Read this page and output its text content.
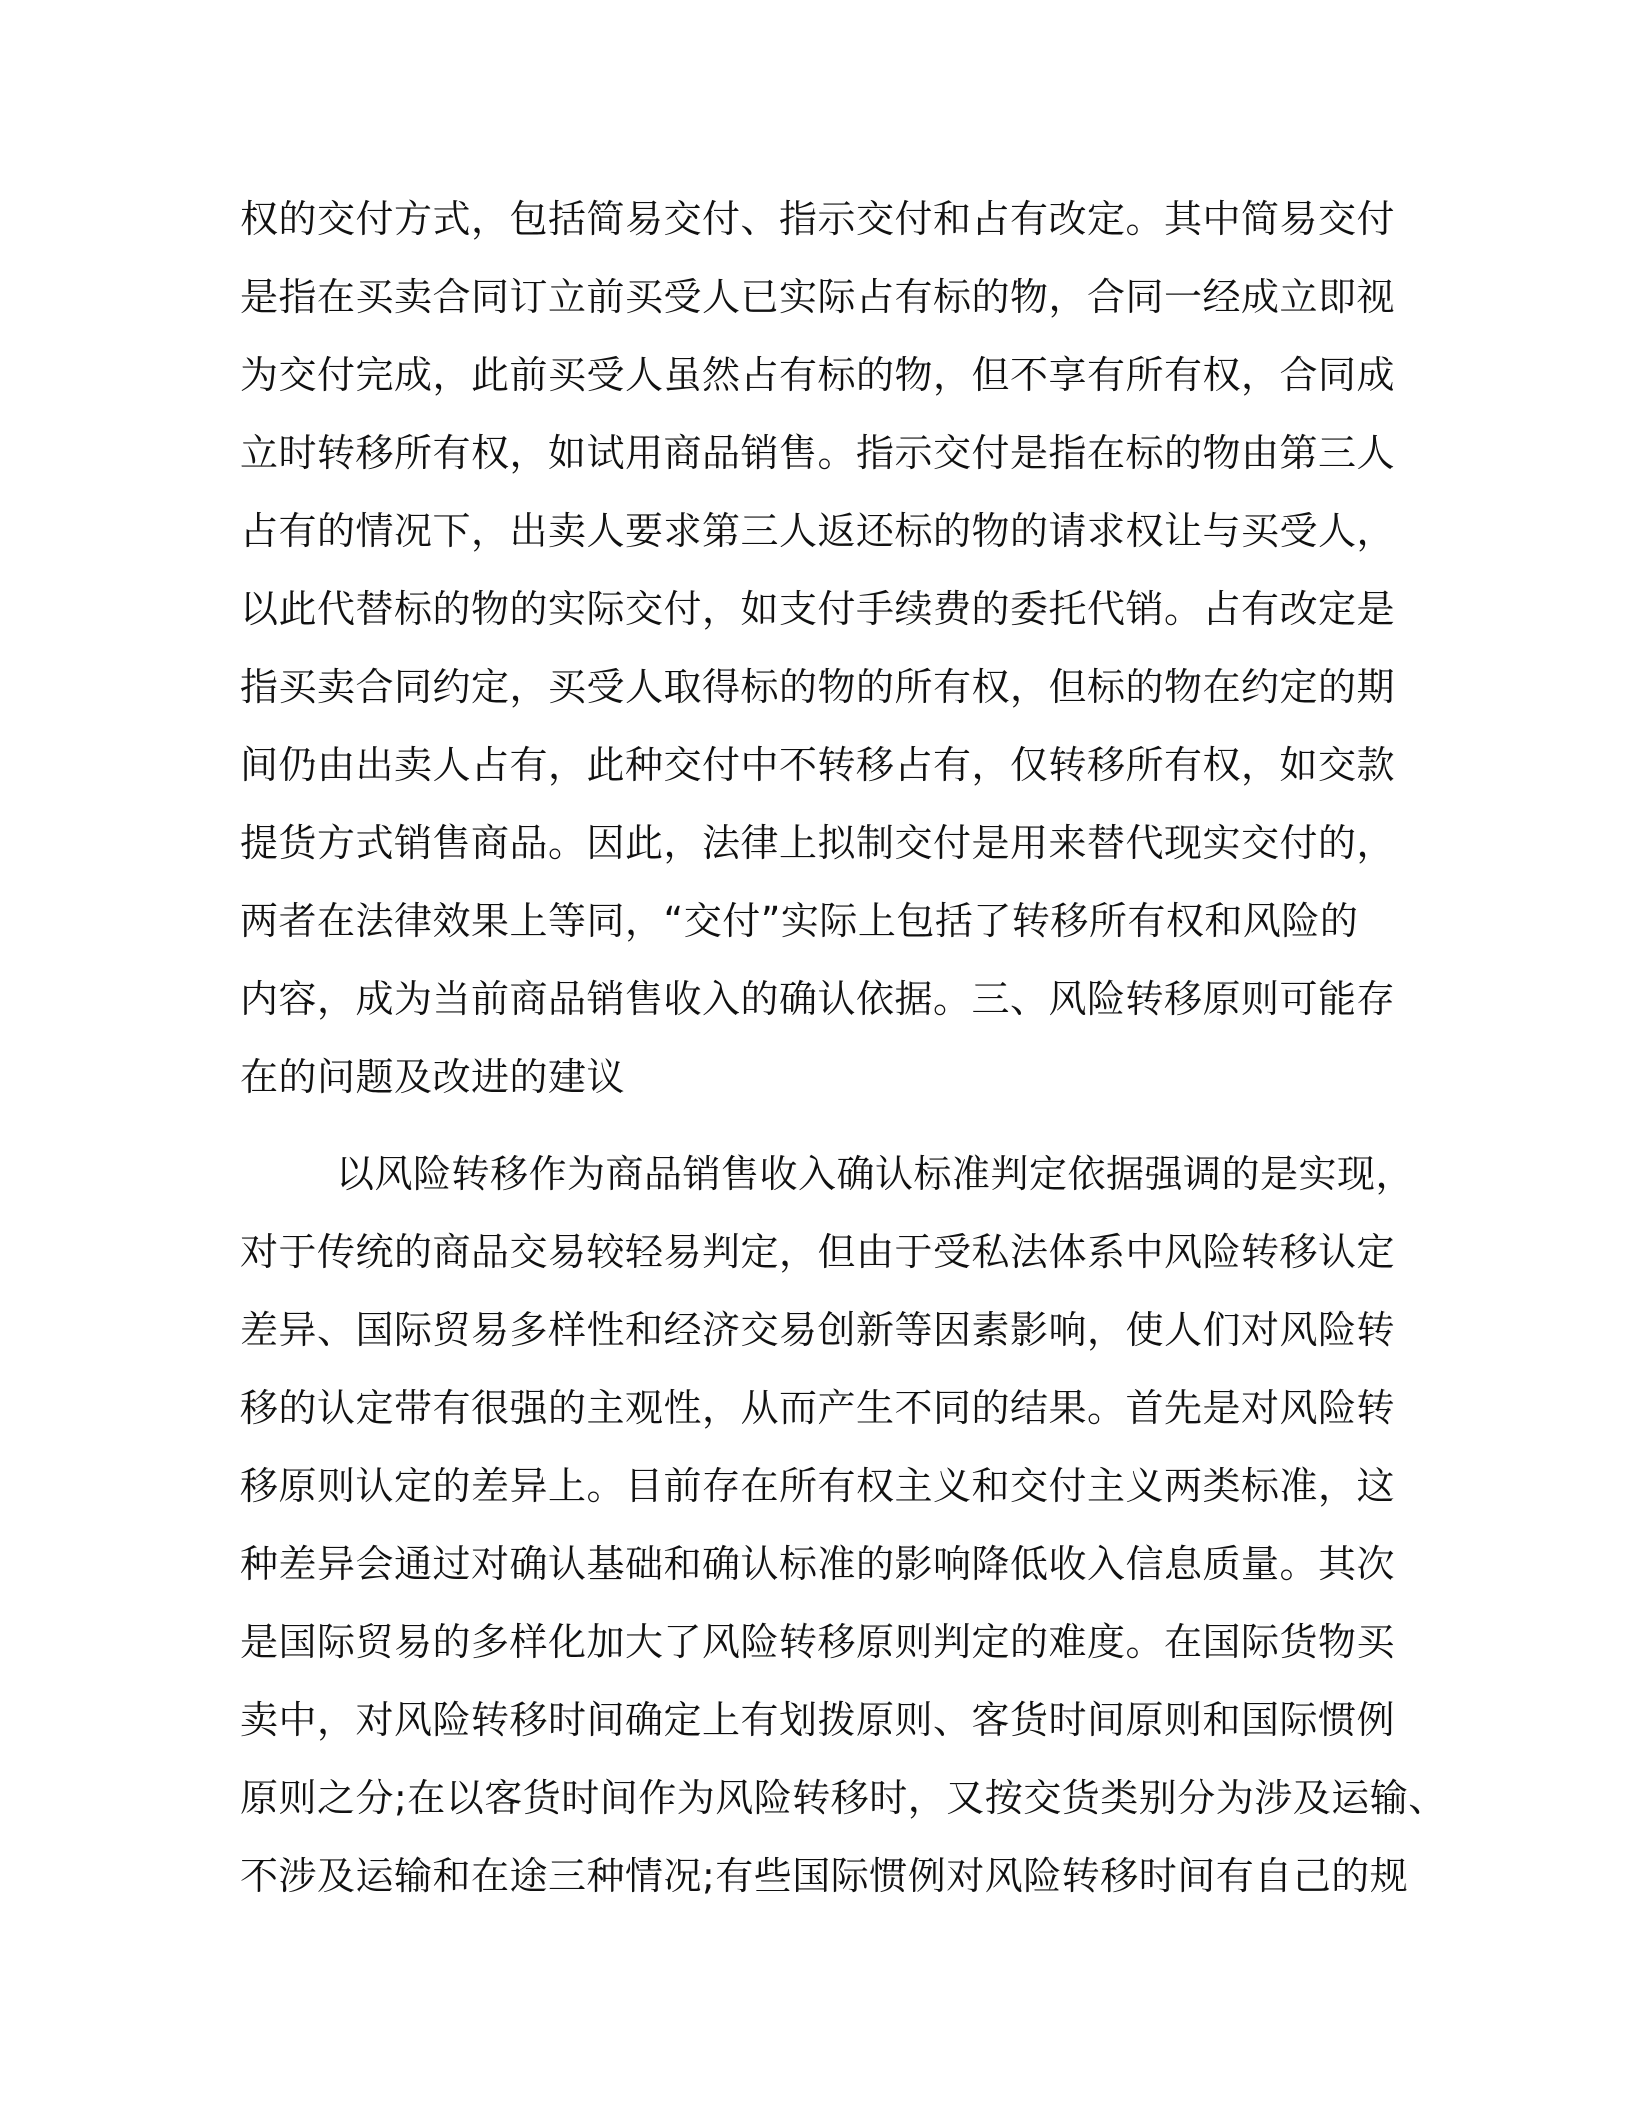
权的交付方式，包括简易交付、指示交付和占有改定。其中简易交付
是指在买卖合同订立前买受人已实际占有标的物，合同一经成立即视
为交付完成，此前买受人虽然占有标的物，但不享有所有权，合同成
立时转移所有权，如试用商品销售。指示交付是指在标的物由第三人
占有的情况下，出卖人要求第三人返还标的物的请求权让与买受人，
以此代替标的物的实际交付，如支付手续费的委托代销。占有改定是
指买卖合同约定，买受人取得标的物的所有权，但标的物在约定的期
间仍由出卖人占有，此种交付中不转移占有，仅转移所有权，如交款
提货方式销售商品。因此，法律上拟制交付是用来替代现实交付的，
两者在法律效果上等同，“交付”实际上包括了转移所有权和风险的
内容，成为当前商品销售收入的确认依据。三、风险转移原则可能存
在的问题及改进的建议
以风险转移作为商品销售收入确认标准判定依据强调的是实现，
对于传统的商品交易较轻易判定，但由于受私法体系中风险转移认定
差异、国际贸易多样性和经济交易创新等因素影响，使人们对风险转
移的认定带有很强的主观性，从而产生不同的结果。首先是对风险转
移原则认定的差异上。目前存在所有权主义和交付主义两类标准，这
种差异会通过对确认基础和确认标准的影响降低收入信息质量。其次
是国际贸易的多样化加大了风险转移原则判定的难度。在国际货物买
卖中，对风险转移时间确定上有划拨原则、客货时间原则和国际惯例
原则之分;在以客货时间作为风险转移时，又按交货类别分为涉及运输、
不涉及运输和在途三种情况;有些国际惯例对风险转移时间有自己的规
